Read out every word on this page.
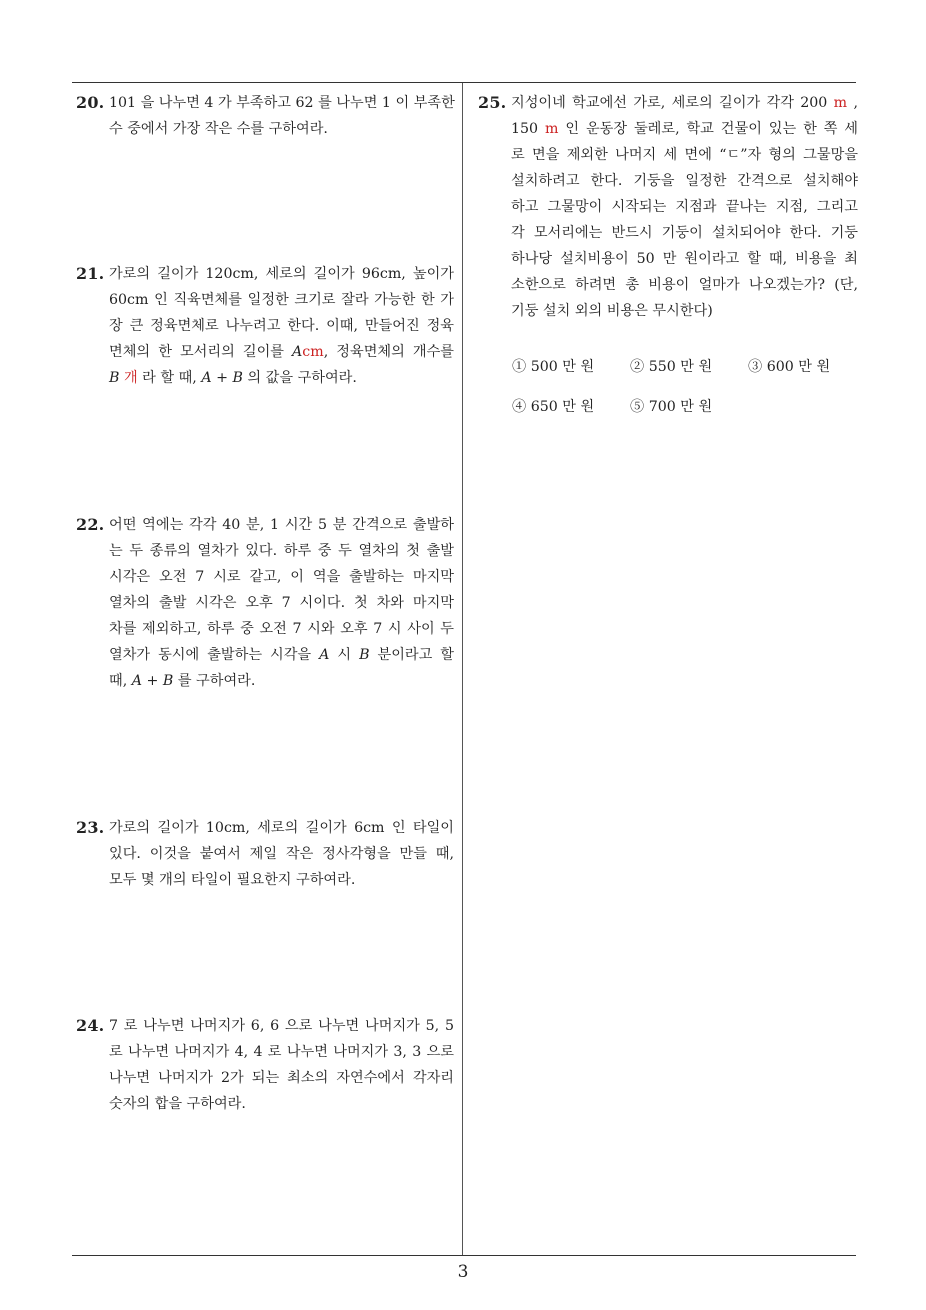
20. 101 을 나누면 4 가 부족하고 62 를 나누면 1 이 부족한
수 중에서 가장 작은 수를 구하여라.
21. 가로의 길이가 120cm, 세로의 길이가 96cm, 높이가
60cm 인 직육면체를 일정한 크기로 잘라 가능한 한 가
장 큰 정육면체로 나누려고 한다. 이때, 만들어진 정육
면체의 한 모서리의 길이를 Acm, 정육면체의 개수를
B 개 라 할 때, A + B 의 값을 구하여라.
22. 어떤 역에는 각각 40 분, 1 시간 5 분 간격으로 출발하
는 두 종류의 열차가 있다. 하루 중 두 열차의 첫 출발
시각은 오전 7 시로 같고, 이 역을 출발하는 마지막
열차의 출발 시각은 오후 7 시이다. 첫 차와 마지막
차를 제외하고, 하루 중 오전 7 시와 오후 7 시 사이 두
열차가 동시에 출발하는 시각을 A 시 B 분이라고 할
때, A + B 를 구하여라.
23. 가로의 길이가 10cm, 세로의 길이가 6cm 인 타일이
있다. 이것을 붙여서 제일 작은 정사각형을 만들 때,
모두 몇 개의 타일이 필요한지 구하여라.
24. 7 로 나누면 나머지가 6, 6 으로 나누면 나머지가 5, 5
로 나누면 나머지가 4, 4 로 나누면 나머지가 3, 3 으로
나누면 나머지가 2가 되는 최소의 자연수에서 각자리
숫자의 합을 구하여라.
25. 지성이네 학교에선 가로, 세로의 길이가 각각 200 m ,
150 m 인 운동장 둘레로, 학교 건물이 있는 한 쪽 세
로 면을 제외한 나머지 세 면에 “ㄷ”자 형의 그물망을
설치하려고 한다. 기둥을 일정한 간격으로 설치해야
하고 그물망이 시작되는 지점과 끝나는 지점, 그리고
각 모서리에는 반드시 기둥이 설치되어야 한다. 기둥
하나당 설치비용이 50 만 원이라고 할 때, 비용을 최
소한으로 하려면 총 비용이 얼마가 나오겠는가? (단,
기둥 설치 외의 비용은 무시한다)
① 500 만 원	② 550 만 원	③ 600 만 원
④ 650 만 원	⑤ 700 만 원
3
